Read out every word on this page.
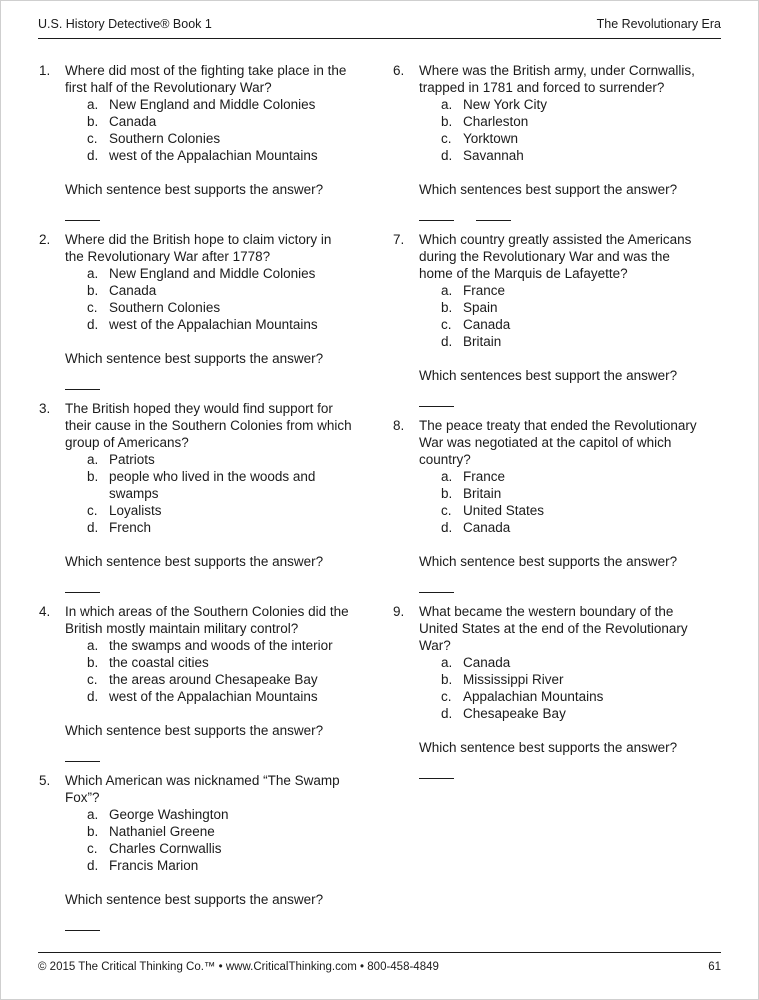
U.S. History Detective® Book 1	The Revolutionary Era
1.	Where did most of the fighting take place in the first half of the Revolutionary War?
a. New England and Middle Colonies
b. Canada
c. Southern Colonies
d. west of the Appalachian Mountains
Which sentence best supports the answer?
2.	Where did the British hope to claim victory in the Revolutionary War after 1778?
a. New England and Middle Colonies
b. Canada
c. Southern Colonies
d. west of the Appalachian Mountains
Which sentence best supports the answer?
3.	The British hoped they would find support for their cause in the Southern Colonies from which group of Americans?
a. Patriots
b. people who lived in the woods and swamps
c. Loyalists
d. French
Which sentence best supports the answer?
4.	In which areas of the Southern Colonies did the British mostly maintain military control?
a. the swamps and woods of the interior
b. the coastal cities
c. the areas around Chesapeake Bay
d. west of the Appalachian Mountains
Which sentence best supports the answer?
5.	Which American was nicknamed “The Swamp Fox”?
a. George Washington
b. Nathaniel Greene
c. Charles Cornwallis
d. Francis Marion
Which sentence best supports the answer?
6.	Where was the British army, under Cornwallis, trapped in 1781 and forced to surrender?
a. New York City
b. Charleston
c. Yorktown
d. Savannah
Which sentences best support the answer?
7.	Which country greatly assisted the Americans during the Revolutionary War and was the home of the Marquis de Lafayette?
a. France
b. Spain
c. Canada
d. Britain
Which sentences best support the answer?
8.	The peace treaty that ended the Revolutionary War was negotiated at the capitol of which country?
a. France
b. Britain
c. United States
d. Canada
Which sentence best supports the answer?
9.	What became the western boundary of the United States at the end of the Revolutionary War?
a. Canada
b. Mississippi River
c. Appalachian Mountains
d. Chesapeake Bay
Which sentence best supports the answer?
© 2015 The Critical Thinking Co.™ • www.CriticalThinking.com • 800-458-4849	61
